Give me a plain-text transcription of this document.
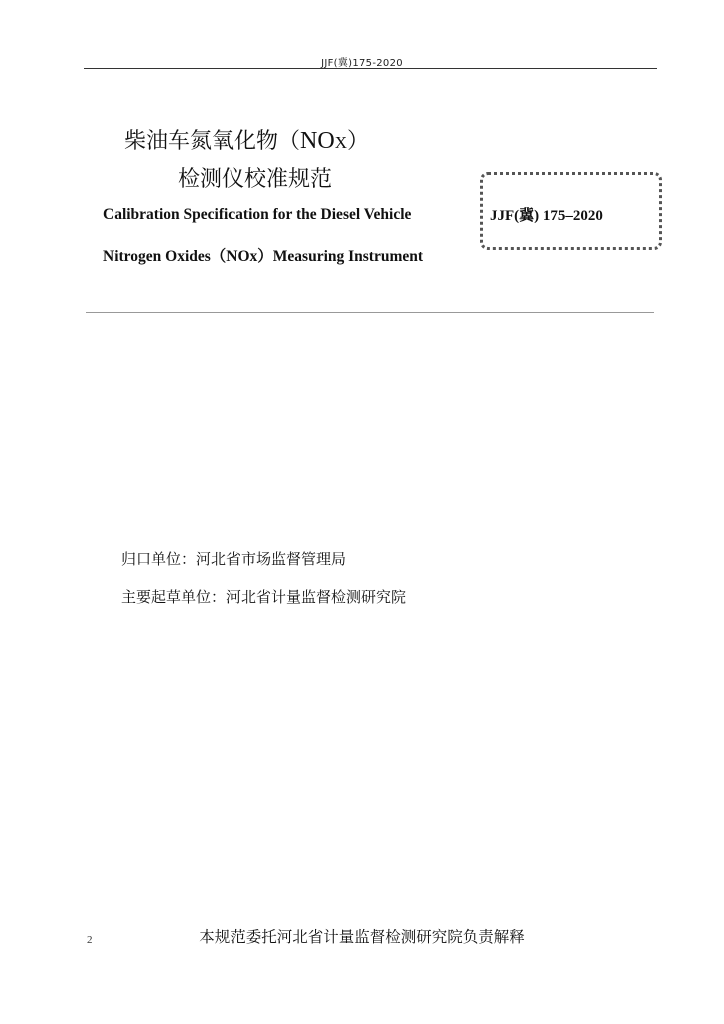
JJF(冀)175-2020
柴油车氮氧化物（NOX）
检测仪校准规范
Calibration Specification for the Diesel Vehicle
Nitrogen Oxides（NOx）Measuring Instrument
JJF(冀) 175–2020
归口单位：河北省市场监督管理局
主要起草单位：河北省计量监督检测研究院
2	本规范委托河北省计量监督检测研究院负责解释
